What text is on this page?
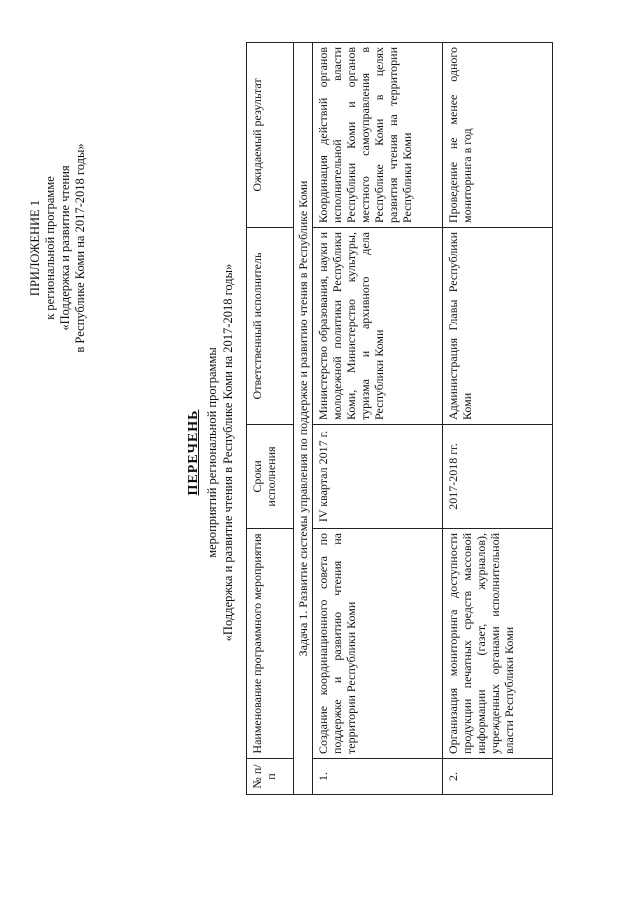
ПРИЛОЖЕНИЕ 1 к региональной программе «Поддержка и развитие чтения в Республике Коми на 2017-2018 годы»
ПЕРЕЧЕНЬ мероприятий региональной программы «Поддержка и развитие чтения в Республике Коми на 2017-2018 годы»
№ п/п	Наименование программного мероприятия	Сроки исполнения	Ответственный исполнитель	Ожидаемый результат
Задача 1. Развитие системы управления по поддержке и развитию чтения в Республике Коми				
1.	Создание координационного совета по поддержке и развитию чтения на территории Республики Коми	IV квартал 2017 г.	Министерство образования, науки и молодежной политики Республики Коми, Министерство культуры, туризма и архивного дела Республики Коми	Координация действий органов исполнительной власти Республики Коми и органов местного самоуправления в Республике Коми в целях развития чтения на территории Республики Коми
2.	Организация мониторинга доступности продукции печатных средств массовой информации (газет, журналов), учрежденных органами исполнительной власти Республики Коми	2017-2018 гг.	Администрация Главы Республики Коми	Проведение не менее одного мониторинга в год
